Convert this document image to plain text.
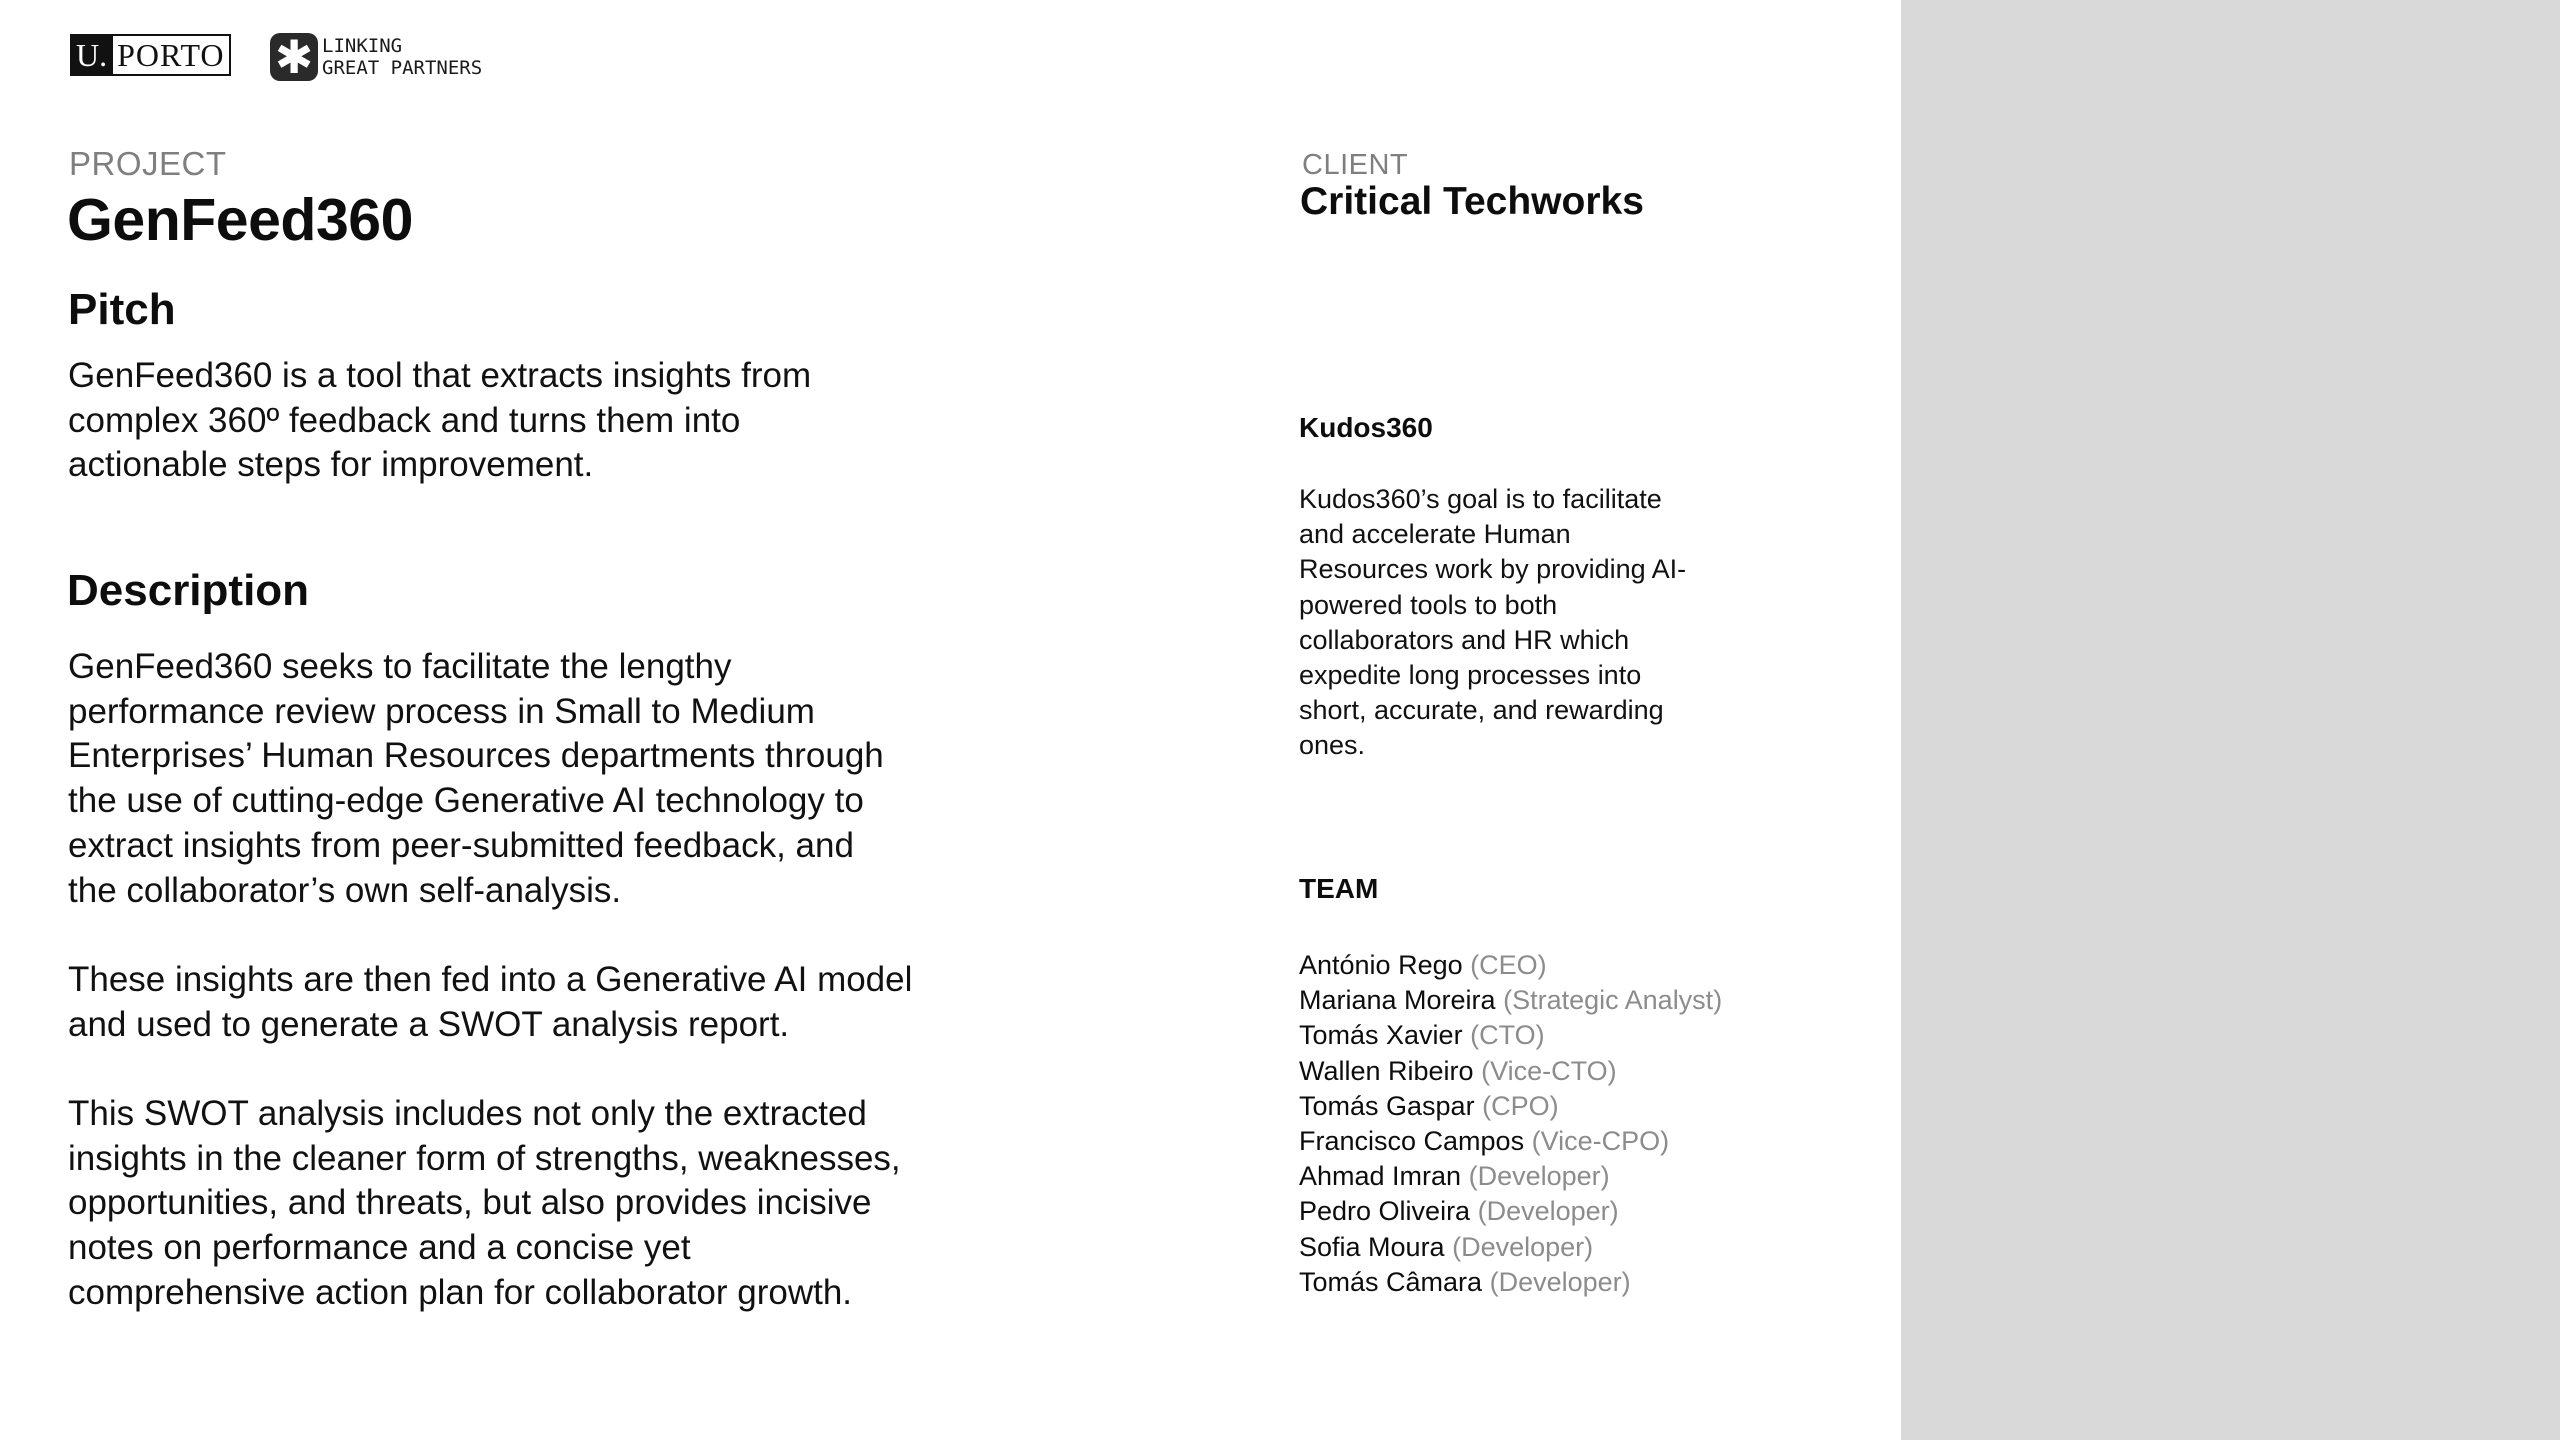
U. PORTO ✱ LINKING
GREAT PARTNERS
PROJECT
GenFeed360
Pitch
GenFeed360 is a tool that extracts insights from
complex 360º feedback and turns them into
actionable steps for improvement.
Description
GenFeed360 seeks to facilitate the lengthy
performance review process in Small to Medium
Enterprises’ Human Resources departments through
the use of cutting-edge Generative AI technology to
extract insights from peer-submitted feedback, and
the collaborator’s own self-analysis.
These insights are then fed into a Generative AI model
and used to generate a SWOT analysis report.
This SWOT analysis includes not only the extracted
insights in the cleaner form of strengths, weaknesses,
opportunities, and threats, but also provides incisive
notes on performance and a concise yet
comprehensive action plan for collaborator growth.
CLIENT
Critical Techworks
Kudos360
Kudos360’s goal is to facilitate
and accelerate Human
Resources work by providing AI-
powered tools to both
collaborators and HR which
expedite long processes into
short, accurate, and rewarding
ones.
TEAM
António Rego (CEO)
Mariana Moreira (Strategic Analyst)
Tomás Xavier (CTO)
Wallen Ribeiro (Vice-CTO)
Tomás Gaspar (CPO)
Francisco Campos (Vice-CPO)
Ahmad Imran (Developer)
Pedro Oliveira (Developer)
Sofia Moura (Developer)
Tomás Câmara (Developer)
